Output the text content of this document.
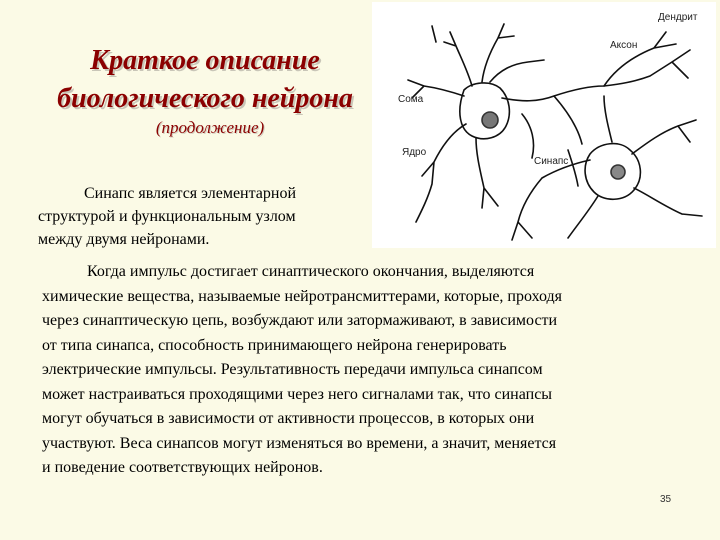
Краткое описание
биологического нейрона
(продолжение)
Дендрит
Аксон
Сома
Ядро
Синапс

Синапс является элементарной
структурой и функциональным узлом
между двумя нейронами.

Когда импульс достигает синаптического окончания, выделяются
химические вещества, называемые нейротрансмиттерами, которые, проходя
через синаптическую цепь, возбуждают или затормаживают, в зависимости
от типа синапса, способность принимающего нейрона генерировать
электрические импульсы. Результативность передачи импульса синапсом
может настраиваться проходящими через него сигналами так, что синапсы
могут обучаться в зависимости от активности процессов, в которых они
участвуют. Веса синапсов могут изменяться во времени, а значит, меняется
и поведение соответствующих нейронов.

35
